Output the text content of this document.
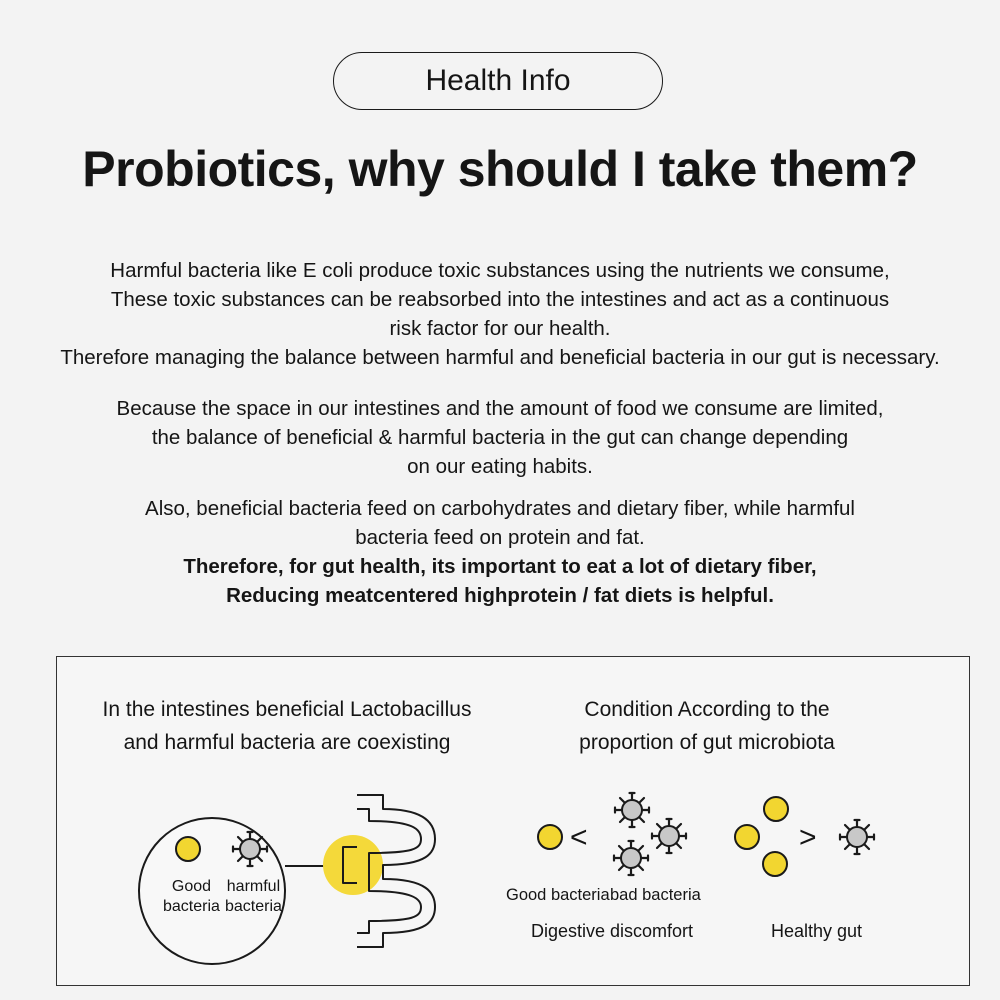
Health Info
Probiotics, why should I take them?
Harmful bacteria like E coli produce toxic substances using the nutrients we consume,
These toxic substances can be reabsorbed into the intestines and act as a continuous
risk factor for our health.
Therefore managing the balance between harmful and beneficial bacteria in our gut is necessary.
Because the space in our intestines and the amount of food we consume are limited,
the balance of beneficial & harmful bacteria in the gut can change depending
on our eating habits.
Also, beneficial bacteria feed on carbohydrates and dietary fiber, while harmful
bacteria feed on protein and fat.
Therefore, for gut health, its important to eat a lot of dietary fiber,
Reducing meatcentered highprotein / fat diets is helpful.
In the intestines beneficial Lactobacillus
and harmful bacteria are coexisting
Condition According to the
proportion of gut microbiota
Good
bacteria
harmful
bacteria
<	>
Good bacteria bad bacteria
Digestive discomfort	Healthy gut
